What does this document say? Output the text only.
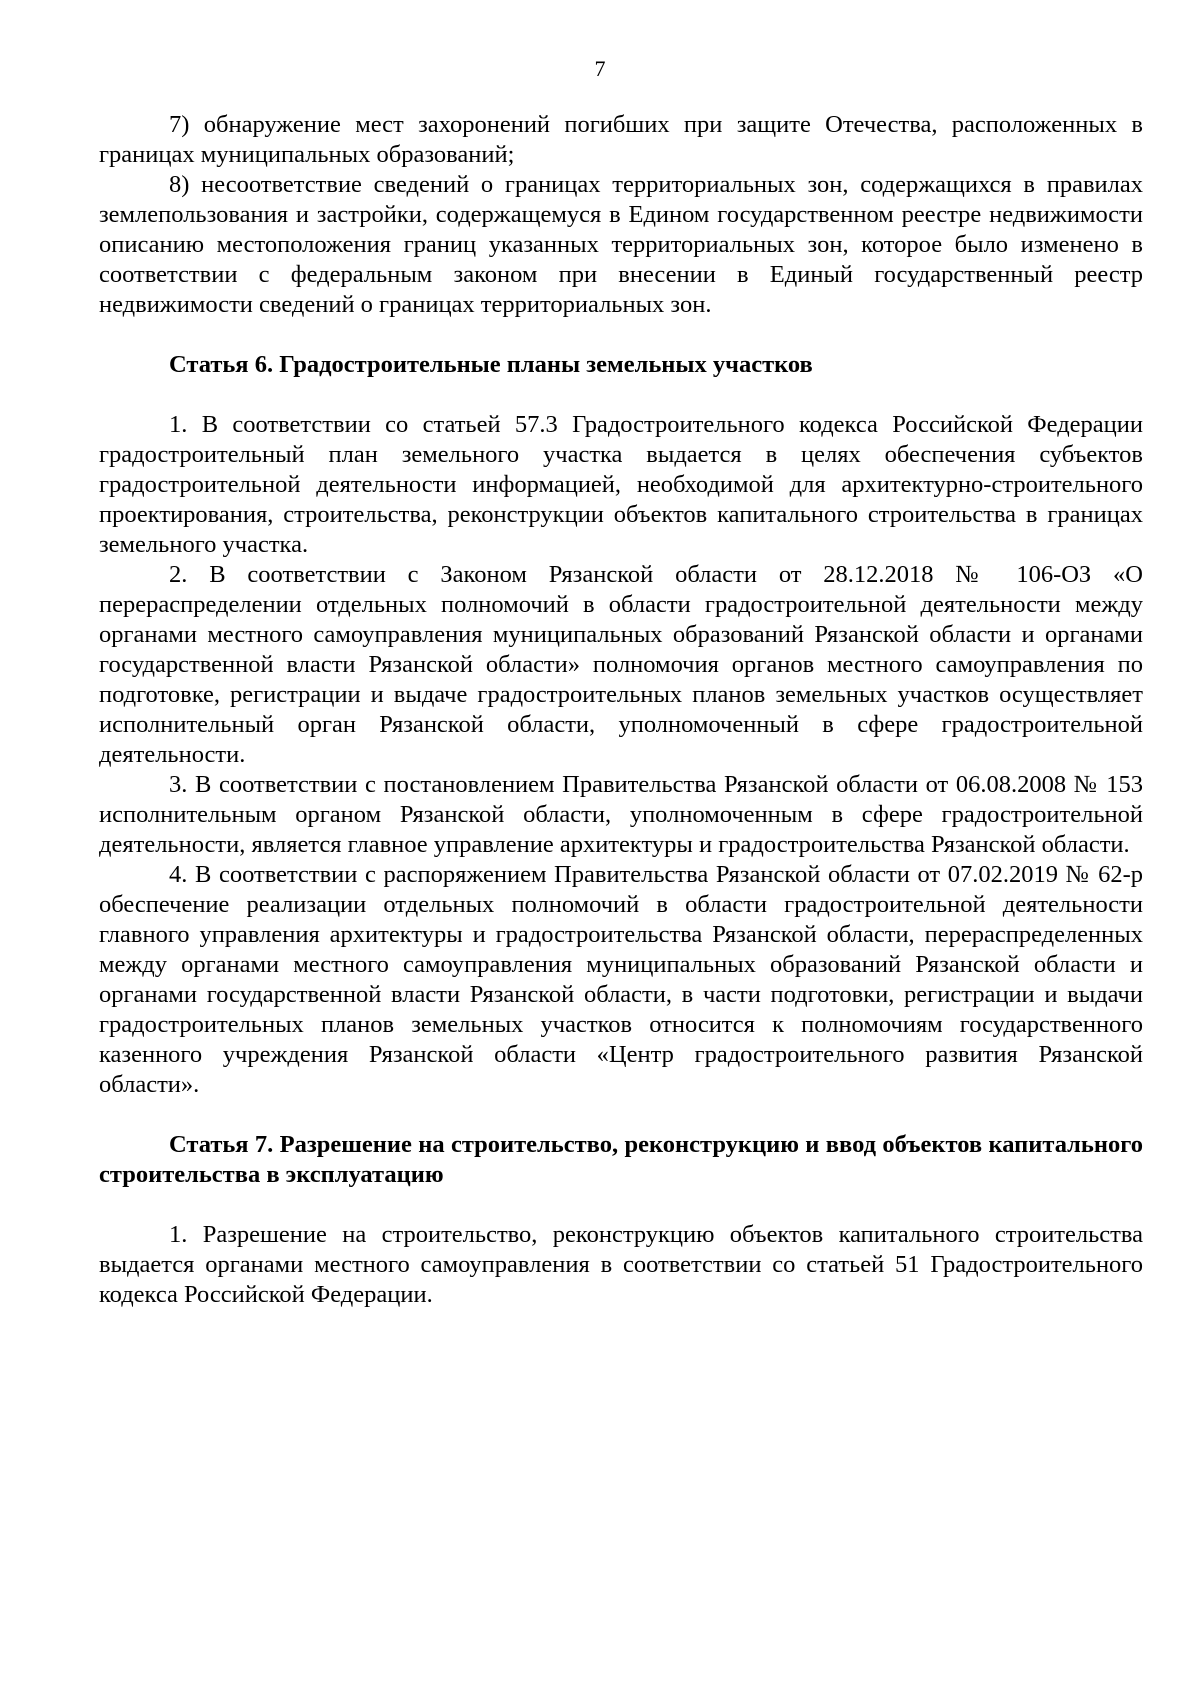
7

7) обнаружение мест захоронений погибших при защите Отечества, расположенных в границах муниципальных образований;

8) несоответствие сведений о границах территориальных зон, содержащихся в правилах землепользования и застройки, содержащемуся в Едином государственном реестре недвижимости описанию местоположения границ указанных территориальных зон, которое было изменено в соответствии с федеральным законом при внесении в Единый государственный реестр недвижимости сведений о границах территориальных зон.

Статья 6. Градостроительные планы земельных участков

1. В соответствии со статьей 57.3 Градостроительного кодекса Российской Федерации градостроительный план земельного участка выдается в целях обеспечения субъектов градостроительной деятельности информацией, необходимой для архитектурно-строительного проектирования, строительства, реконструкции объектов капитального строительства в границах земельного участка.

2. В соответствии с Законом Рязанской области от 28.12.2018 № 106-ОЗ «О перераспределении отдельных полномочий в области градостроительной деятельности между органами местного самоуправления муниципальных образований Рязанской области и органами государственной власти Рязанской области» полномочия органов местного самоуправления по подготовке, регистрации и выдаче градостроительных планов земельных участков осуществляет исполнительный орган Рязанской области, уполномоченный в сфере градостроительной деятельности.

3. В соответствии с постановлением Правительства Рязанской области от 06.08.2008 № 153 исполнительным органом Рязанской области, уполномоченным в сфере градостроительной деятельности, является главное управление архитектуры и градостроительства Рязанской области.

4. В соответствии с распоряжением Правительства Рязанской области от 07.02.2019 № 62-р обеспечение реализации отдельных полномочий в области градостроительной деятельности главного управления архитектуры и градостроительства Рязанской области, перераспределенных между органами местного самоуправления муниципальных образований Рязанской области и органами государственной власти Рязанской области, в части подготовки, регистрации и выдачи градостроительных планов земельных участков относится к полномочиям государственного казенного учреждения Рязанской области «Центр градостроительного развития Рязанской области».

Статья 7. Разрешение на строительство, реконструкцию и ввод объектов капитального строительства в эксплуатацию

1. Разрешение на строительство, реконструкцию объектов капитального строительства выдается органами местного самоуправления в соответствии со статьей 51 Градостроительного кодекса Российской Федерации.
